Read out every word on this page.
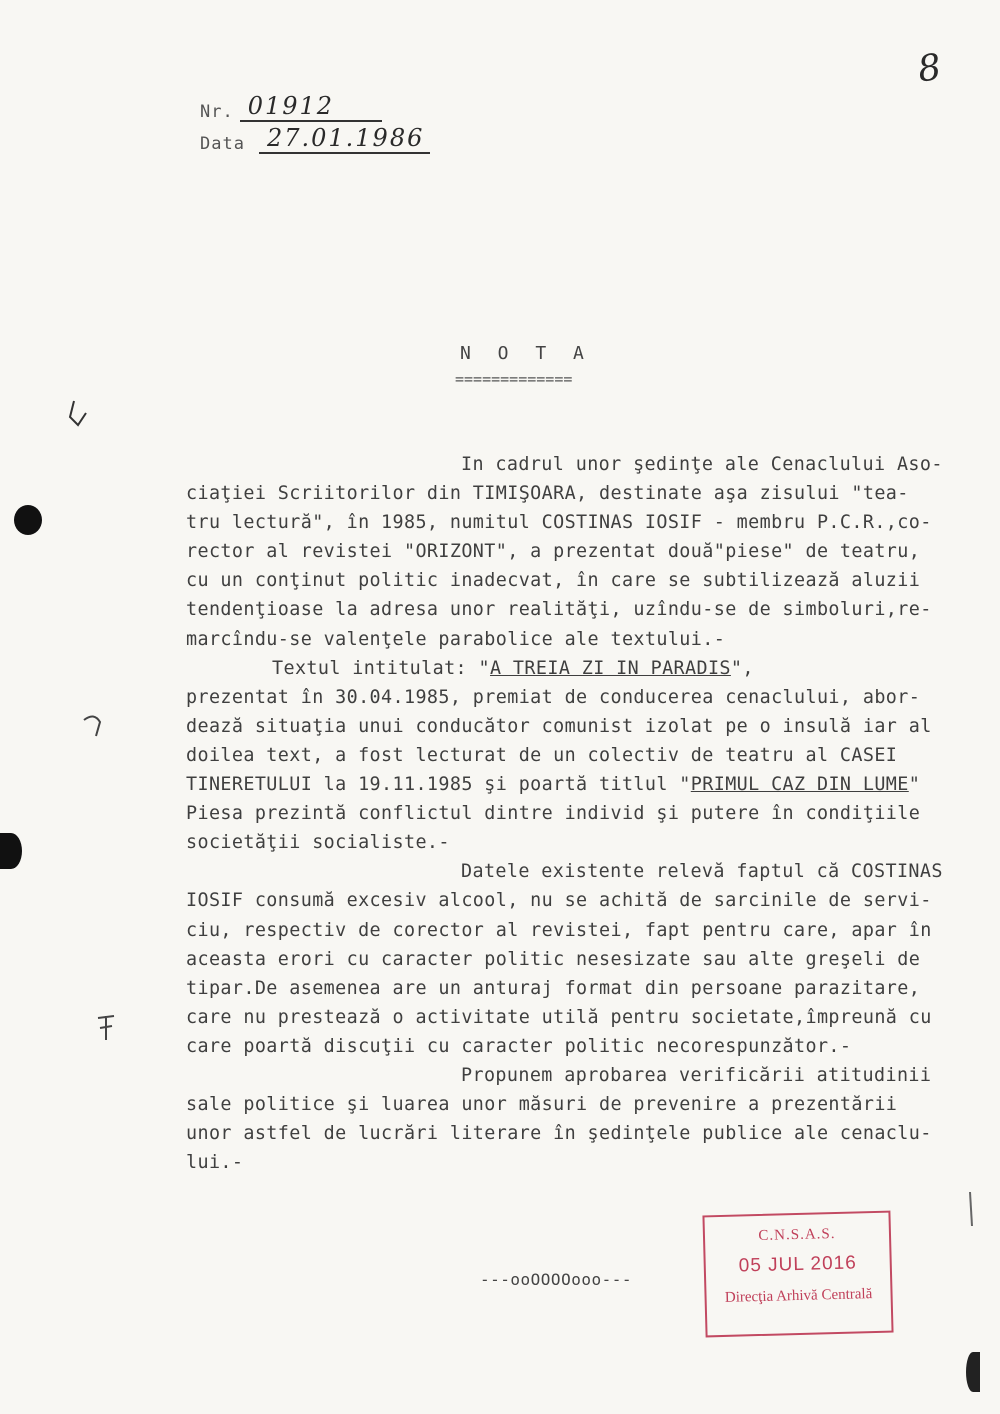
Nr. 01912
Data 27.01.1986
8
N O T A
=============
In cadrul unor şedinţe ale Cenaclului Aso-
ciaţiei Scriitorilor din TIMIŞOARA, destinate aşa zisului "tea-
tru lectură", în 1985, numitul COSTINAS IOSIF - membru P.C.R.,co-
rector al revistei "ORIZONT", a prezentat două"piese" de teatru,
cu un conţinut politic inadecvat, în care se subtilizează aluzii
tendenţioase la adresa unor realităţi, uzîndu-se de simboluri,re-
marcîndu-se valenţele parabolice ale textului.-
Textul intitulat: "A TREIA ZI IN PARADIS",
prezentat în 30.04.1985, premiat de conducerea cenaclului, abor-
dează situaţia unui conducător comunist izolat pe o insulă iar al
doilea text, a fost lecturat de un colectiv de teatru al CASEI
TINERETULUI la 19.11.1985 şi poartă titlul "PRIMUL CAZ DIN LUME"
Piesa prezintă conflictul dintre individ şi putere în condiţiile
societăţii socialiste.-
Datele existente relevă faptul că COSTINAS
IOSIF consumă excesiv alcool, nu se achită de sarcinile de servi-
ciu, respectiv de corector al revistei, fapt pentru care, apar în
aceasta erori cu caracter politic nesesizate sau alte greşeli de
tipar.De asemenea are un anturaj format din persoane parazitare,
care nu prestează o activitate utilă pentru societate,împreună cu
care poartă discuţii cu caracter politic necorespunzător.-
Propunem aprobarea verificării atitudinii
sale politice şi luarea unor măsuri de prevenire a prezentării
unor astfel de lucrări literare în şedinţele publice ale cenaclu-
lui.-
---ooOOOOooo---
C.N.S.A.S.
05 JUL 2016
Direcţia Arhivă Centrală
